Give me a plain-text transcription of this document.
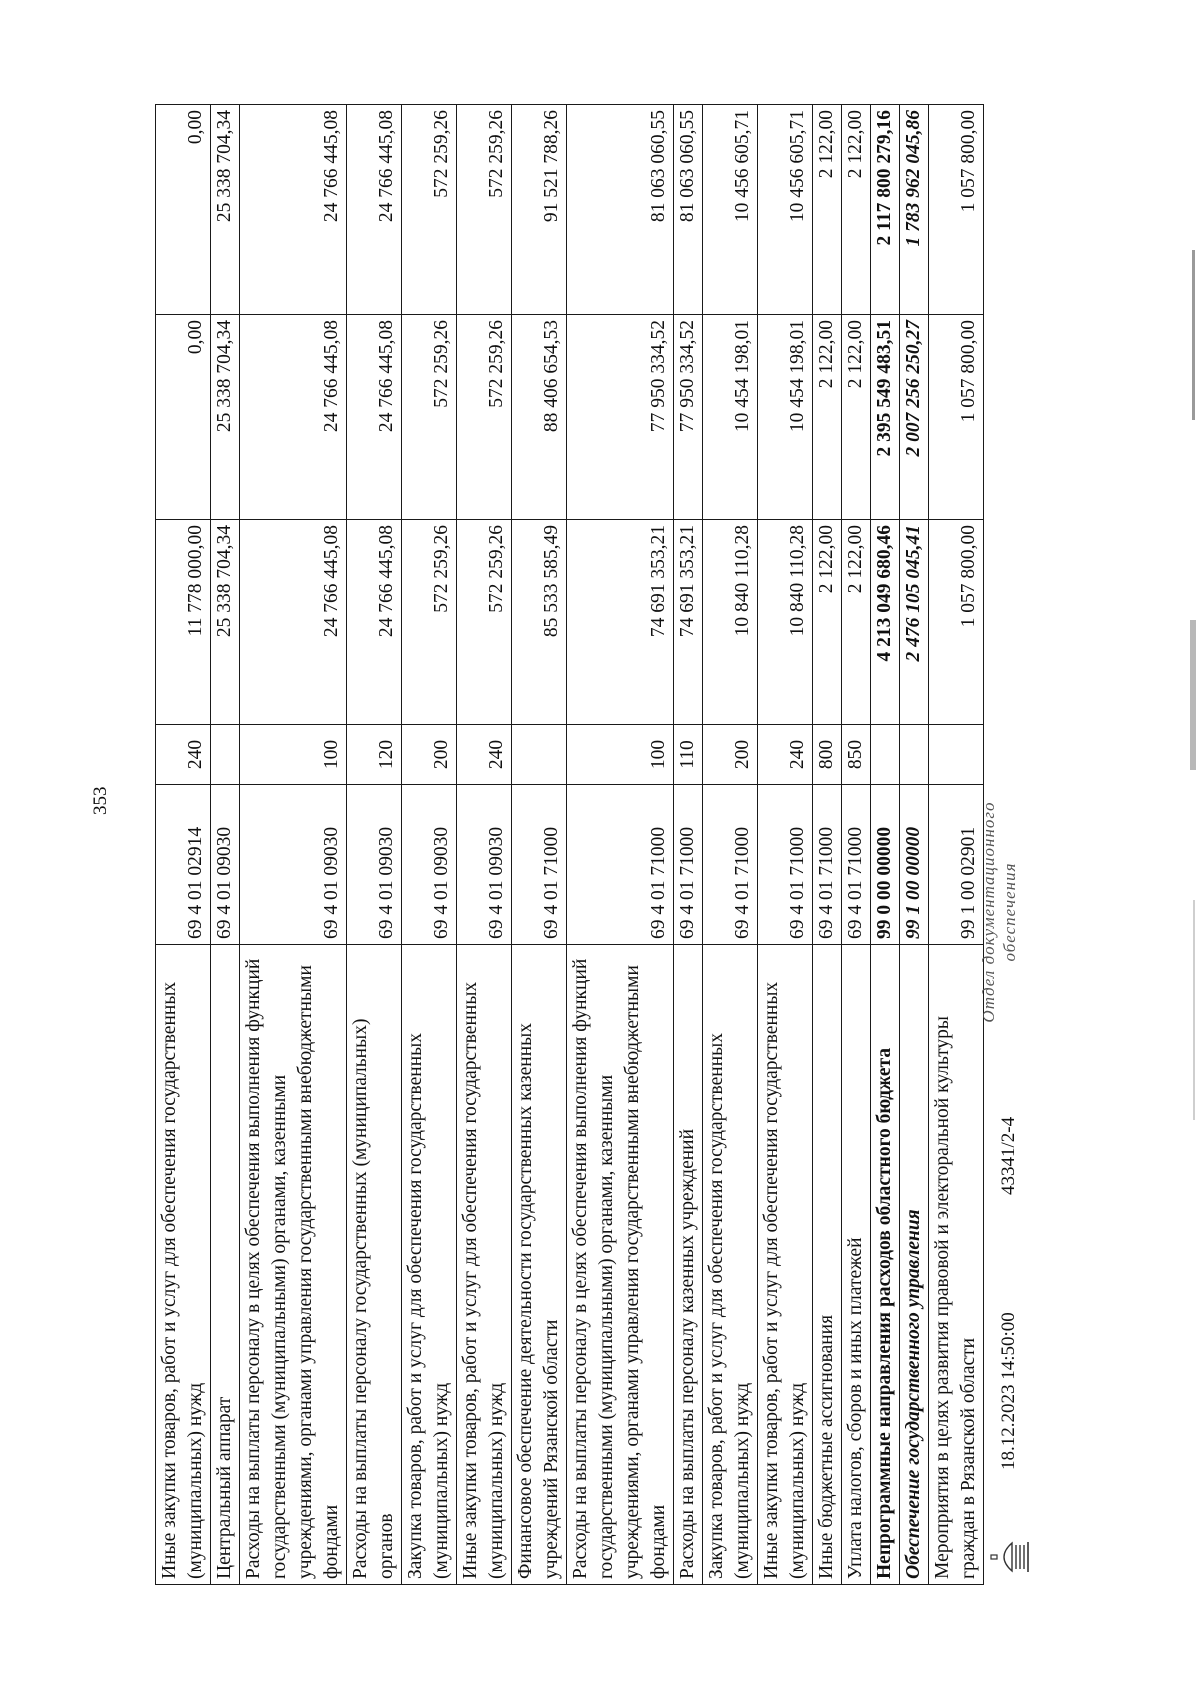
353
Иные закупки товаров, работ и услуг для обеспечения государственных (муниципальных) нужд	69 4 01 02914	240	11 778 000,00	0,00	0,00
Центральный аппарат	69 4 01 09030		25 338 704,34	25 338 704,34	25 338 704,34
Расходы на выплаты персоналу в целях обеспечения выполнения функций государственными (муниципальными) органами, казенными учреждениями, органами управления государственными внебюджетными фондами	69 4 01 09030	100	24 766 445,08	24 766 445,08	24 766 445,08
Расходы на выплаты персоналу государственных (муниципальных) органов	69 4 01 09030	120	24 766 445,08	24 766 445,08	24 766 445,08
Закупка товаров, работ и услуг для обеспечения государственных (муниципальных) нужд	69 4 01 09030	200	572 259,26	572 259,26	572 259,26
Иные закупки товаров, работ и услуг для обеспечения государственных (муниципальных) нужд	69 4 01 09030	240	572 259,26	572 259,26	572 259,26
Финансовое обеспечение деятельности государственных казенных учреждений Рязанской области	69 4 01 71000		85 533 585,49	88 406 654,53	91 521 788,26
Расходы на выплаты персоналу в целях обеспечения выполнения функций государственными (муниципальными) органами, казенными учреждениями, органами управления государственными внебюджетными фондами	69 4 01 71000	100	74 691 353,21	77 950 334,52	81 063 060,55
Расходы на выплаты персоналу казенных учреждений	69 4 01 71000	110	74 691 353,21	77 950 334,52	81 063 060,55
Закупка товаров, работ и услуг для обеспечения государственных (муниципальных) нужд	69 4 01 71000	200	10 840 110,28	10 454 198,01	10 456 605,71
Иные закупки товаров, работ и услуг для обеспечения государственных (муниципальных) нужд	69 4 01 71000	240	10 840 110,28	10 454 198,01	10 456 605,71
Иные бюджетные ассигнования	69 4 01 71000	800	2 122,00	2 122,00	2 122,00
Уплата налогов, сборов и иных платежей	69 4 01 71000	850	2 122,00	2 122,00	2 122,00
Непрограммные направления расходов областного бюджета	99 0 00 00000		4 213 049 680,46	2 395 549 483,51	2 117 800 279,16
Обеспечение государственного управления	99 1 00 00000		2 476 105 045,41	2 007 256 250,27	1 783 962 045,86
Мероприятия в целях развития правовой и электоральной культуры граждан в Рязанской области	99 1 00 02901		1 057 800,00	1 057 800,00	1 057 800,00
18.12.2023 14:50:00
43341/2-4
Отдел документационного обеспечения
